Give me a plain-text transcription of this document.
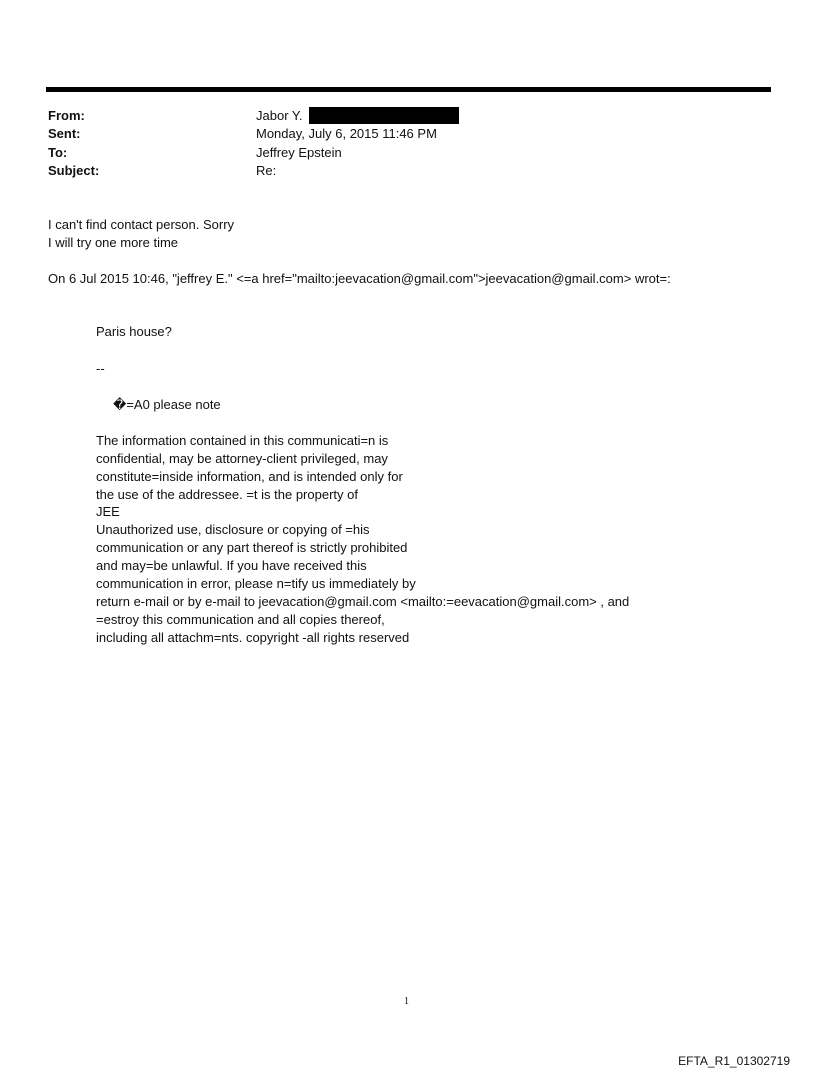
From:	Jabor Y.
Sent:	Monday, July 6, 2015 11:46 PM
To:	Jeffrey Epstein
Subject:	Re:
I can't find contact person. Sorry
I will try one more time
On 6 Jul 2015 10:46, "jeffrey E." <=a href="mailto:jeevacation@gmail.com">jeevacation@gmail.com> wrot=:
Paris house?
--
�=A0 please note
The information contained in this communicati=n is
confidential, may be attorney-client privileged, may
constitute=inside information, and is intended only for
the use of the addressee. =t is the property of
JEE
Unauthorized use, disclosure or copying of =his
communication or any part thereof is strictly prohibited
and may=be unlawful. If you have received this
communication in error, please n=tify us immediately by
return e-mail or by e-mail to jeevacation@gmail.com <mailto:=eevacation@gmail.com> , and
=estroy this communication and all copies thereof,
including all attachm=nts. copyright -all rights reserved
1
EFTA_R1_01302719
